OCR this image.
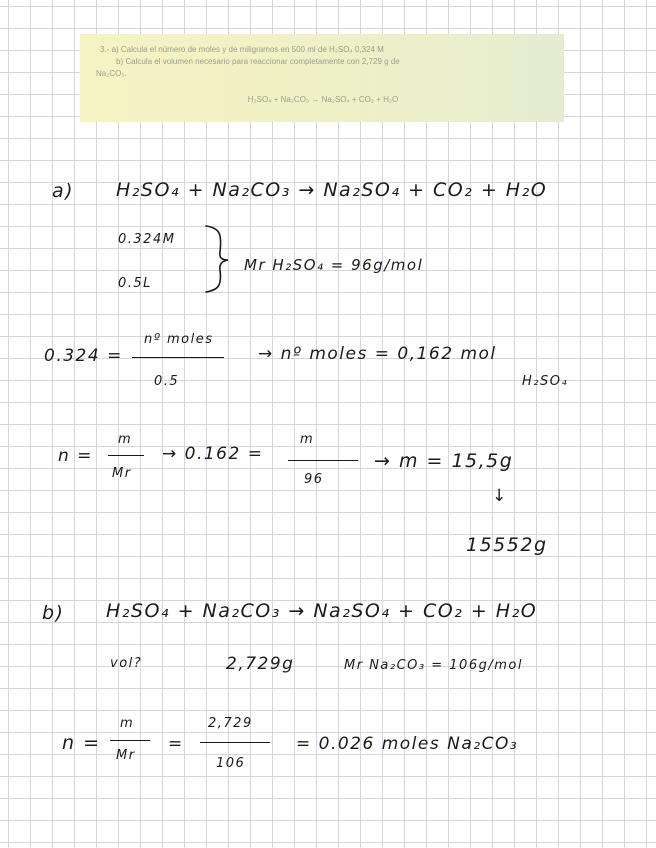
3.- a) Calcula el número de moles y de miligramos en 500 ml de H₂SO₄ 0,324 M
b) Calcula el volumen necesario para reaccionar completamente con 2,729 g de
Na₂CO₃.
H₂SO₄ + Na₂CO₃ → Na₂SO₄ + CO₂ + H₂O
a) H₂SO₄ + Na₂CO₃ → Na₂SO₄ + CO₂ + H₂O
0.324M
0.5L
Mr H₂SO₄ = 96g/mol
0.324 =
nº moles
0.5
→ nº moles = 0,162 mol
H₂SO₄
n =
m
Mr
→ 0.162 =
m
96
→ m = 15,5g
↓
15552g
b) H₂SO₄ + Na₂CO₃ → Na₂SO₄ + CO₂ + H₂O
vol?	2,729g	Mr Na₂CO₃ = 106g/mol
n =
m
Mr
=
2,729
106
= 0.026 moles Na₂CO₃
